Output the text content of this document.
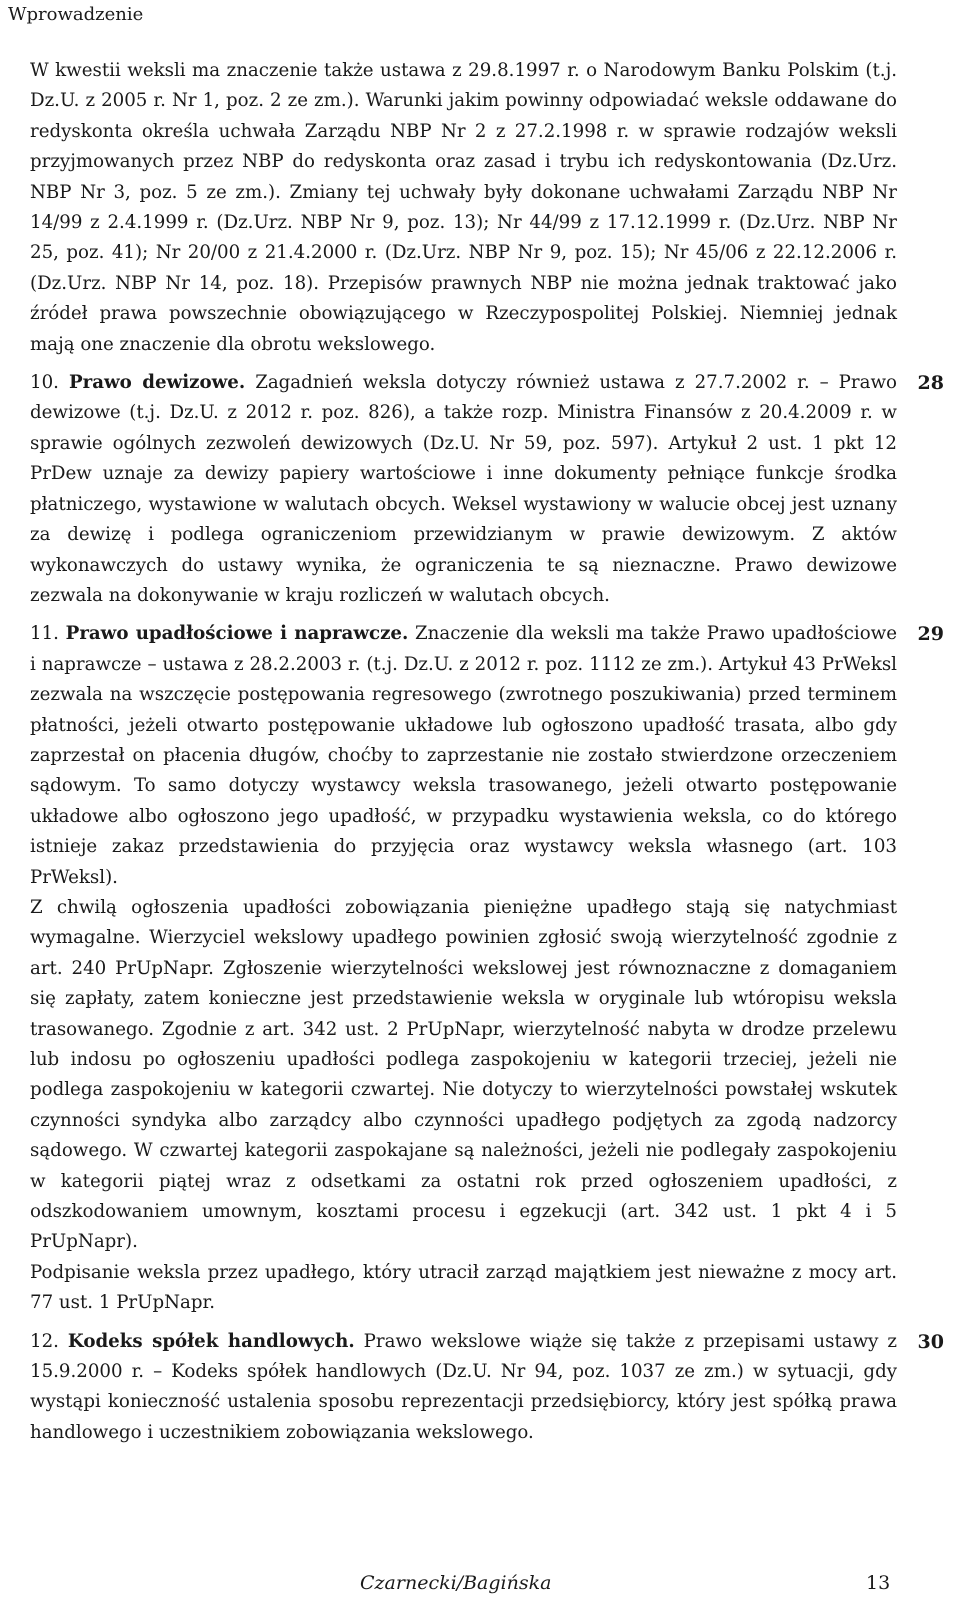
Wprowadzenie

W kwestii weksli ma znaczenie także ustawa z 29.8.1997 r. o Narodowym Banku Polskim (t.j. Dz.U. z 2005 r. Nr 1, poz. 2 ze zm.). Warunki jakim powinny odpowiadać weksle oddawane do redyskonta określa uchwała Zarządu NBP Nr 2 z 27.2.1998 r. w sprawie rodzajów weksli przyjmowanych przez NBP do redyskonta oraz zasad i trybu ich redyskontowania (Dz.Urz. NBP Nr 3, poz. 5 ze zm.). Zmiany tej uchwały były dokonane uchwałami Zarządu NBP Nr 14/99 z 2.4.1999 r. (Dz.Urz. NBP Nr 9, poz. 13); Nr 44/99 z 17.12.1999 r. (Dz.Urz. NBP Nr 25, poz. 41); Nr 20/00 z 21.4.2000 r. (Dz.Urz. NBP Nr 9, poz. 15); Nr 45/06 z 22.12.2006 r. (Dz.Urz. NBP Nr 14, poz. 18). Przepisów prawnych NBP nie można jednak traktować jako źródeł prawa powszechnie obowiązującego w Rzeczypospolitej Polskiej. Niemniej jednak mają one znaczenie dla obrotu wekslowego.

28

10. Prawo dewizowe. Zagadnień weksla dotyczy również ustawa z 27.7.2002 r. – Prawo dewizowe (t.j. Dz.U. z 2012 r. poz. 826), a także rozp. Ministra Finansów z 20.4.2009 r. w sprawie ogólnych zezwoleń dewizowych (Dz.U. Nr 59, poz. 597). Artykuł 2 ust. 1 pkt 12 PrDew uznaje za dewizy papiery wartościowe i inne dokumenty pełniące funkcje środka płatniczego, wystawione w walutach obcych. Weksel wystawiony w walucie obcej jest uznany za dewizę i podlega ograniczeniom przewidzianym w prawie dewizowym. Z aktów wykonawczych do ustawy wynika, że ograniczenia te są nieznaczne. Prawo dewizowe zezwala na dokonywanie w kraju rozliczeń w walutach obcych.

29

11. Prawo upadłościowe i naprawcze. Znaczenie dla weksli ma także Prawo upadłościowe i naprawcze – ustawa z 28.2.2003 r. (t.j. Dz.U. z 2012 r. poz. 1112 ze zm.). Artykuł 43 PrWeksl zezwala na wszczęcie postępowania regresowego (zwrotnego poszukiwania) przed terminem płatności, jeżeli otwarto postępowanie układowe lub ogłoszono upadłość trasata, albo gdy zaprzestał on płacenia długów, choćby to zaprzestanie nie zostało stwierdzone orzeczeniem sądowym. To samo dotyczy wystawcy weksla trasowanego, jeżeli otwarto postępowanie układowe albo ogłoszono jego upadłość, w przypadku wystawienia weksla, co do którego istnieje zakaz przedstawienia do przyjęcia oraz wystawcy weksla własnego (art. 103 PrWeksl).

Z chwilą ogłoszenia upadłości zobowiązania pieniężne upadłego stają się natychmiast wymagalne. Wierzyciel wekslowy upadłego powinien zgłosić swoją wierzytelność zgodnie z art. 240 PrUpNapr. Zgłoszenie wierzytelności wekslowej jest równoznaczne z domaganiem się zapłaty, zatem konieczne jest przedstawienie weksla w oryginale lub wtóropisu weksla trasowanego. Zgodnie z art. 342 ust. 2 PrUpNapr, wierzytelność nabyta w drodze przelewu lub indosu po ogłoszeniu upadłości podlega zaspokojeniu w kategorii trzeciej, jeżeli nie podlega zaspokojeniu w kategorii czwartej. Nie dotyczy to wierzytelności powstałej wskutek czynności syndyka albo zarządcy albo czynności upadłego podjętych za zgodą nadzorcy sądowego. W czwartej kategorii zaspokajane są należności, jeżeli nie podlegały zaspokojeniu w kategorii piątej wraz z odsetkami za ostatni rok przed ogłoszeniem upadłości, z odszkodowaniem umownym, kosztami procesu i egzekucji (art. 342 ust. 1 pkt 4 i 5 PrUpNapr).

Podpisanie weksla przez upadłego, który utracił zarząd majątkiem jest nieważne z mocy art. 77 ust. 1 PrUpNapr.

30

12. Kodeks spółek handlowych. Prawo wekslowe wiąże się także z przepisami ustawy z 15.9.2000 r. – Kodeks spółek handlowych (Dz.U. Nr 94, poz. 1037 ze zm.) w sytuacji, gdy wystąpi konieczność ustalenia sposobu reprezentacji przedsiębiorcy, który jest spółką prawa handlowego i uczestnikiem zobowiązania wekslowego.

Czarnecki/Bagińska	13
